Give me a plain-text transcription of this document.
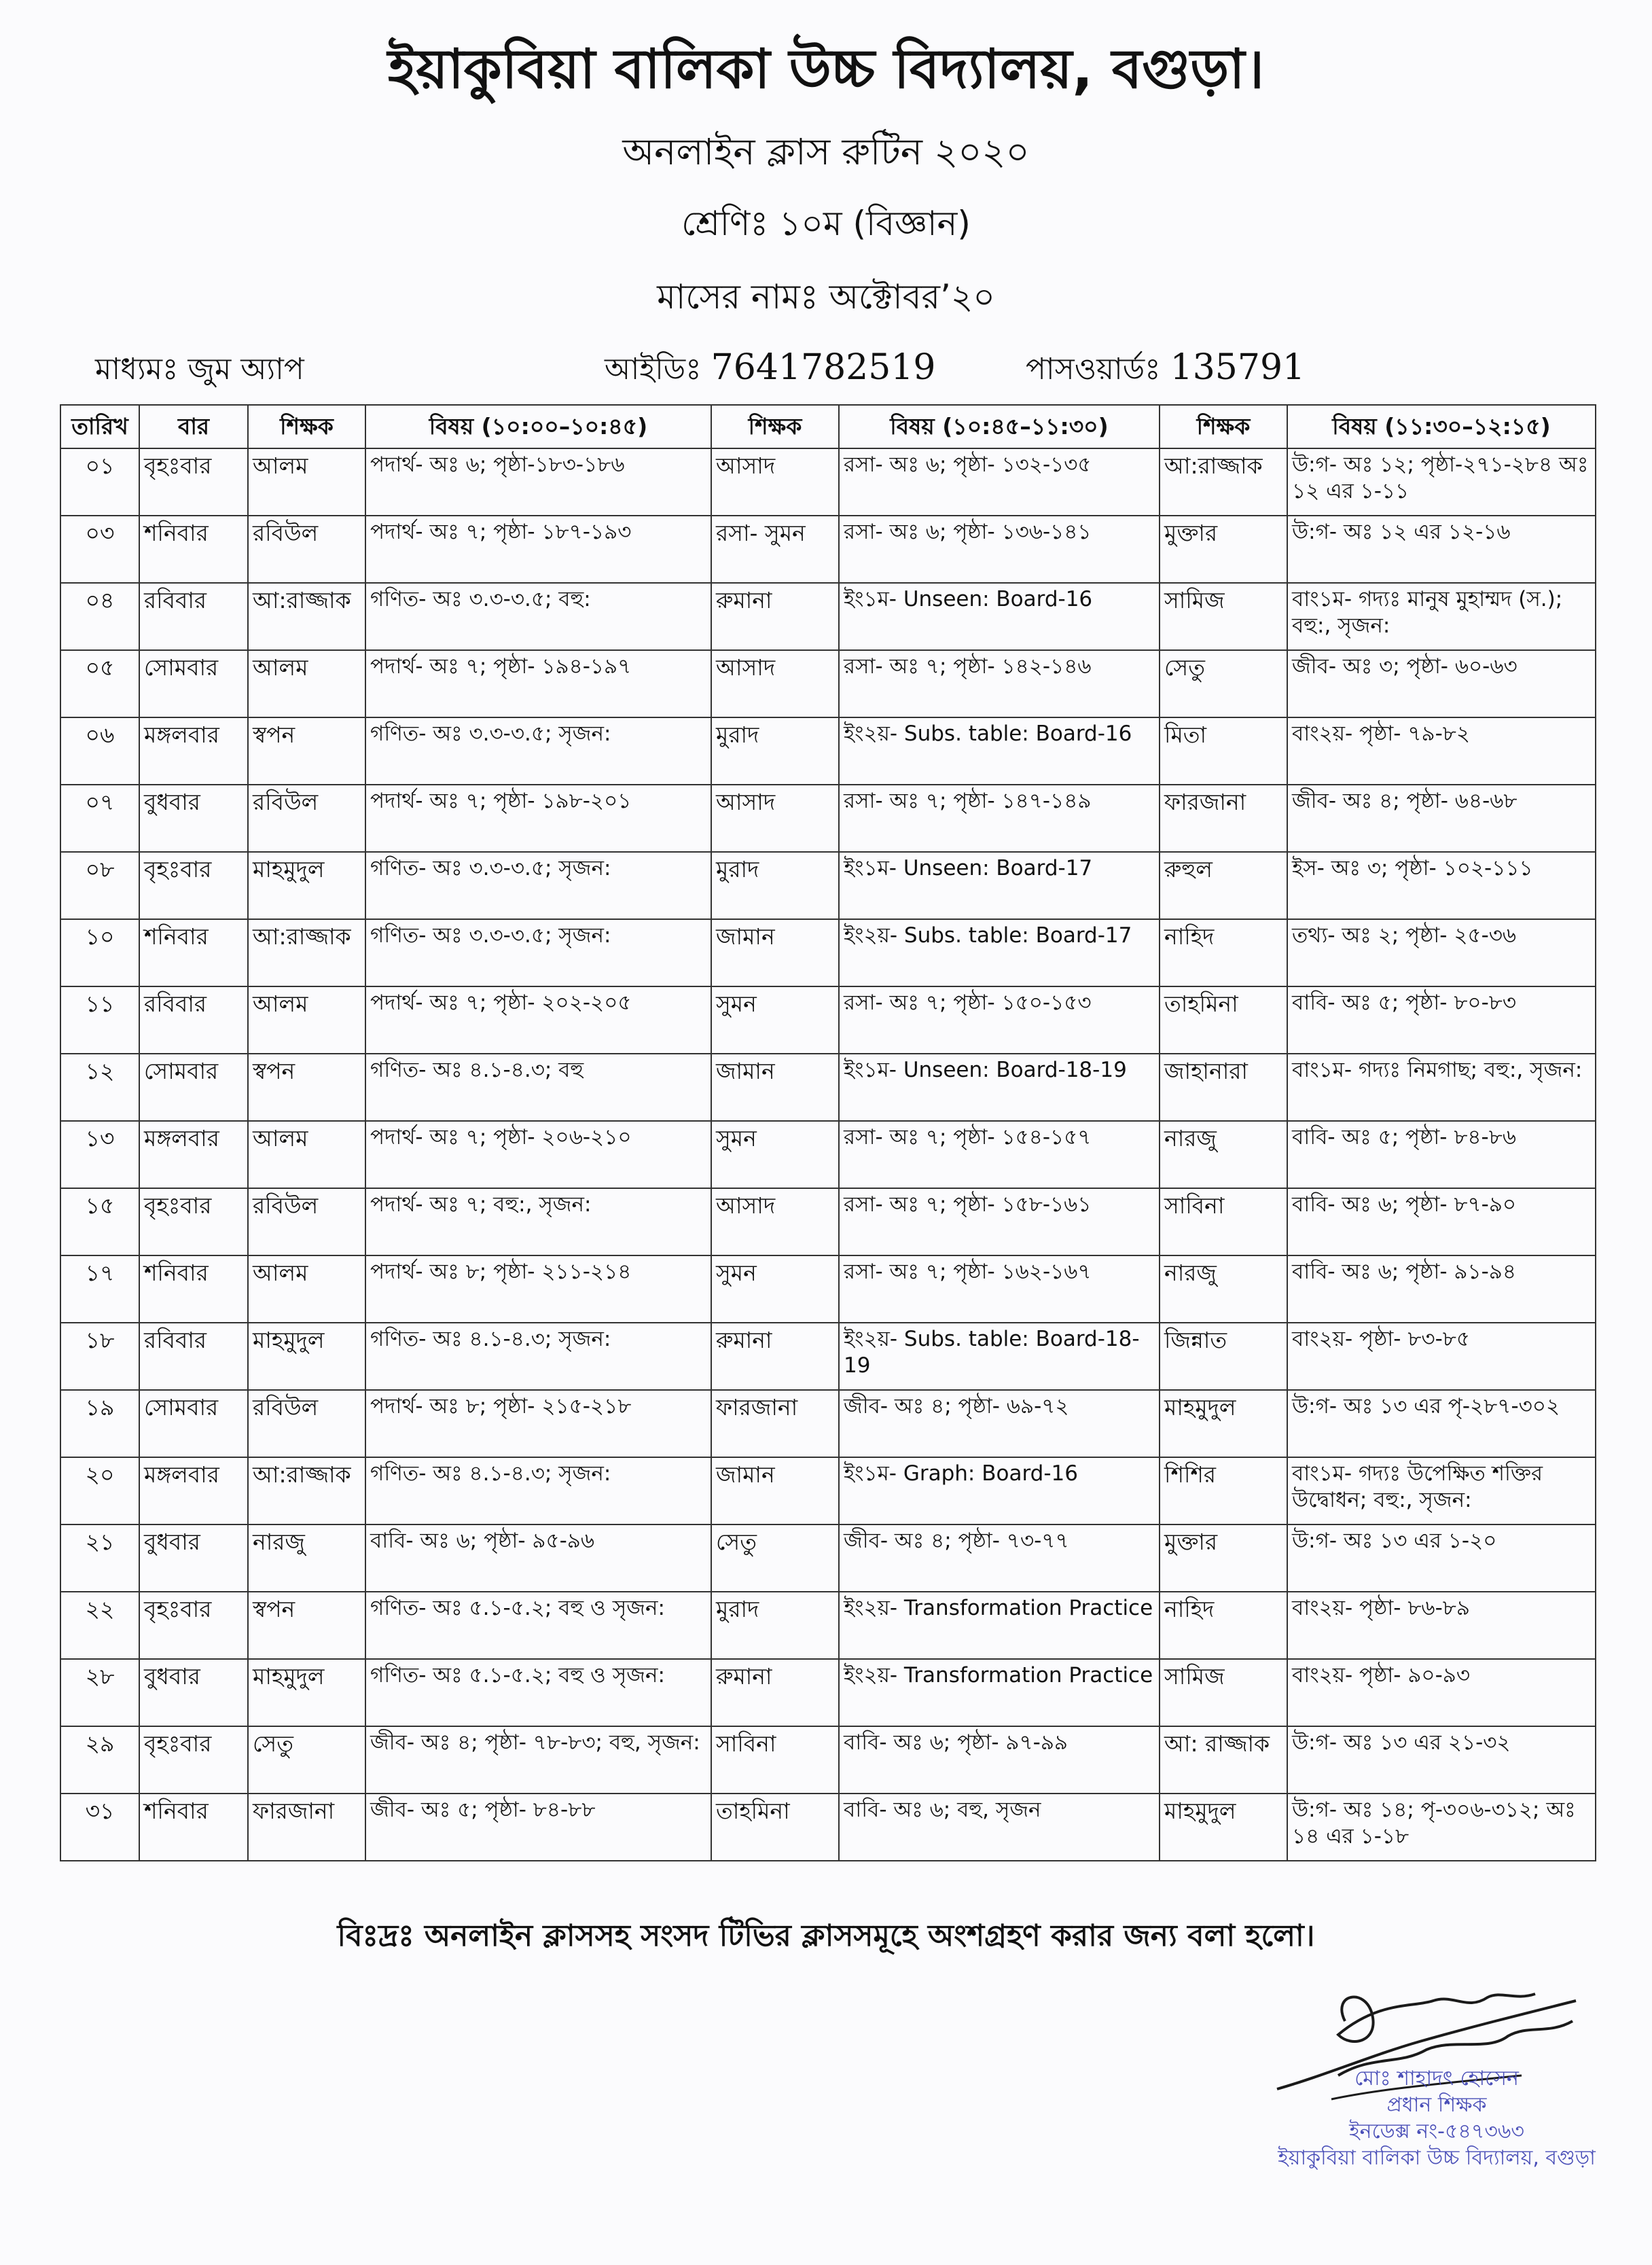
ইয়াকুবিয়া বালিকা উচ্চ বিদ্যালয়, বগুড়া।
অনলাইন ক্লাস রুটিন ২০২০
শ্রেণিঃ ১০ম (বিজ্ঞান)
মাসের নামঃ অক্টোবর’২০
মাধ্যমঃ জুম অ্যাপ	আইডিঃ 7641782519	পাসওয়ার্ডঃ 135791
তারিখ	বার	শিক্ষক	বিষয় (১০:০০–১০:৪৫)	শিক্ষক	বিষয় (১০:৪৫–১১:৩০)	শিক্ষক	বিষয় (১১:৩০–১২:১৫)
০১	বৃহঃবার	আলম	পদার্থ- অঃ ৬; পৃষ্ঠা-১৮৩-১৮৬	আসাদ	রসা- অঃ ৬; পৃষ্ঠা- ১৩২-১৩৫	আ:রাজ্জাক	উ:গ- অঃ ১২; পৃষ্ঠা-২৭১-২৮৪ অঃ ১২ এর ১-১১
০৩	শনিবার	রবিউল	পদার্থ- অঃ ৭; পৃষ্ঠা- ১৮৭-১৯৩	রসা- সুমন	রসা- অঃ ৬; পৃষ্ঠা- ১৩৬-১৪১	মুক্তার	উ:গ- অঃ ১২ এর ১২-১৬
০৪	রবিবার	আ:রাজ্জাক	গণিত- অঃ ৩.৩-৩.৫; বহু:	রুমানা	ইং১ম- Unseen: Board-16	সামিজ	বাং১ম- গদ্যঃ মানুষ মুহাম্মদ (স.); বহু:, সৃজন:
০৫	সোমবার	আলম	পদার্থ- অঃ ৭; পৃষ্ঠা- ১৯৪-১৯৭	আসাদ	রসা- অঃ ৭; পৃষ্ঠা- ১৪২-১৪৬	সেতু	জীব- অঃ ৩; পৃষ্ঠা- ৬০-৬৩
০৬	মঙ্গলবার	স্বপন	গণিত- অঃ ৩.৩-৩.৫; সৃজন:	মুরাদ	ইং২য়- Subs. table: Board-16	মিতা	বাং২য়- পৃষ্ঠা- ৭৯-৮২
০৭	বুধবার	রবিউল	পদার্থ- অঃ ৭; পৃষ্ঠা- ১৯৮-২০১	আসাদ	রসা- অঃ ৭; পৃষ্ঠা- ১৪৭-১৪৯	ফারজানা	জীব- অঃ ৪; পৃষ্ঠা- ৬৪-৬৮
০৮	বৃহঃবার	মাহমুদুল	গণিত- অঃ ৩.৩-৩.৫; সৃজন:	মুরাদ	ইং১ম- Unseen: Board-17	রুহুল	ইস- অঃ ৩; পৃষ্ঠা- ১০২-১১১
১০	শনিবার	আ:রাজ্জাক	গণিত- অঃ ৩.৩-৩.৫; সৃজন:	জামান	ইং২য়- Subs. table: Board-17	নাহিদ	তথ্য- অঃ ২; পৃষ্ঠা- ২৫-৩৬
১১	রবিবার	আলম	পদার্থ- অঃ ৭; পৃষ্ঠা- ২০২-২০৫	সুমন	রসা- অঃ ৭; পৃষ্ঠা- ১৫০-১৫৩	তাহমিনা	বাবি- অঃ ৫; পৃষ্ঠা- ৮০-৮৩
১২	সোমবার	স্বপন	গণিত- অঃ ৪.১-৪.৩; বহু	জামান	ইং১ম- Unseen: Board-18-19	জাহানারা	বাং১ম- গদ্যঃ নিমগাছ; বহু:, সৃজন:
১৩	মঙ্গলবার	আলম	পদার্থ- অঃ ৭; পৃষ্ঠা- ২০৬-২১০	সুমন	রসা- অঃ ৭; পৃষ্ঠা- ১৫৪-১৫৭	নারজু	বাবি- অঃ ৫; পৃষ্ঠা- ৮৪-৮৬
১৫	বৃহঃবার	রবিউল	পদার্থ- অঃ ৭; বহু:, সৃজন:	আসাদ	রসা- অঃ ৭; পৃষ্ঠা- ১৫৮-১৬১	সাবিনা	বাবি- অঃ ৬; পৃষ্ঠা- ৮৭-৯০
১৭	শনিবার	আলম	পদার্থ- অঃ ৮; পৃষ্ঠা- ২১১-২১৪	সুমন	রসা- অঃ ৭; পৃষ্ঠা- ১৬২-১৬৭	নারজু	বাবি- অঃ ৬; পৃষ্ঠা- ৯১-৯৪
১৮	রবিবার	মাহমুদুল	গণিত- অঃ ৪.১-৪.৩; সৃজন:	রুমানা	ইং২য়- Subs. table: Board-18-19	জিন্নাত	বাং২য়- পৃষ্ঠা- ৮৩-৮৫
১৯	সোমবার	রবিউল	পদার্থ- অঃ ৮; পৃষ্ঠা- ২১৫-২১৮	ফারজানা	জীব- অঃ ৪; পৃষ্ঠা- ৬৯-৭২	মাহমুদুল	উ:গ- অঃ ১৩ এর পৃ-২৮৭-৩০২
২০	মঙ্গলবার	আ:রাজ্জাক	গণিত- অঃ ৪.১-৪.৩; সৃজন:	জামান	ইং১ম- Graph: Board-16	শিশির	বাং১ম- গদ্যঃ উপেক্ষিত শক্তির উদ্বোধন; বহু:, সৃজন:
২১	বুধবার	নারজু	বাবি- অঃ ৬; পৃষ্ঠা- ৯৫-৯৬	সেতু	জীব- অঃ ৪; পৃষ্ঠা- ৭৩-৭৭	মুক্তার	উ:গ- অঃ ১৩ এর ১-২০
২২	বৃহঃবার	স্বপন	গণিত- অঃ ৫.১-৫.২; বহু ও সৃজন:	মুরাদ	ইং২য়- Transformation Practice	নাহিদ	বাং২য়- পৃষ্ঠা- ৮৬-৮৯
২৮	বুধবার	মাহমুদুল	গণিত- অঃ ৫.১-৫.২; বহু ও সৃজন:	রুমানা	ইং২য়- Transformation Practice	সামিজ	বাং২য়- পৃষ্ঠা- ৯০-৯৩
২৯	বৃহঃবার	সেতু	জীব- অঃ ৪; পৃষ্ঠা- ৭৮-৮৩; বহু, সৃজন:	সাবিনা	বাবি- অঃ ৬; পৃষ্ঠা- ৯৭-৯৯	আ: রাজ্জাক	উ:গ- অঃ ১৩ এর ২১-৩২
৩১	শনিবার	ফারজানা	জীব- অঃ ৫; পৃষ্ঠা- ৮৪-৮৮	তাহমিনা	বাবি- অঃ ৬; বহু, সৃজন	মাহমুদুল	উ:গ- অঃ ১৪; পৃ-৩০৬-৩১২; অঃ ১৪ এর ১-১৮
বিঃদ্রঃ অনলাইন ক্লাসসহ সংসদ টিভির ক্লাসসমূহে অংশগ্রহণ করার জন্য বলা হলো।
মোঃ শাহাদৎ হোসেন
প্রধান শিক্ষক
ইনডেক্স নং-৫৪৭৩৬৩
ইয়াকুবিয়া বালিকা উচ্চ বিদ্যালয়, বগুড়া
